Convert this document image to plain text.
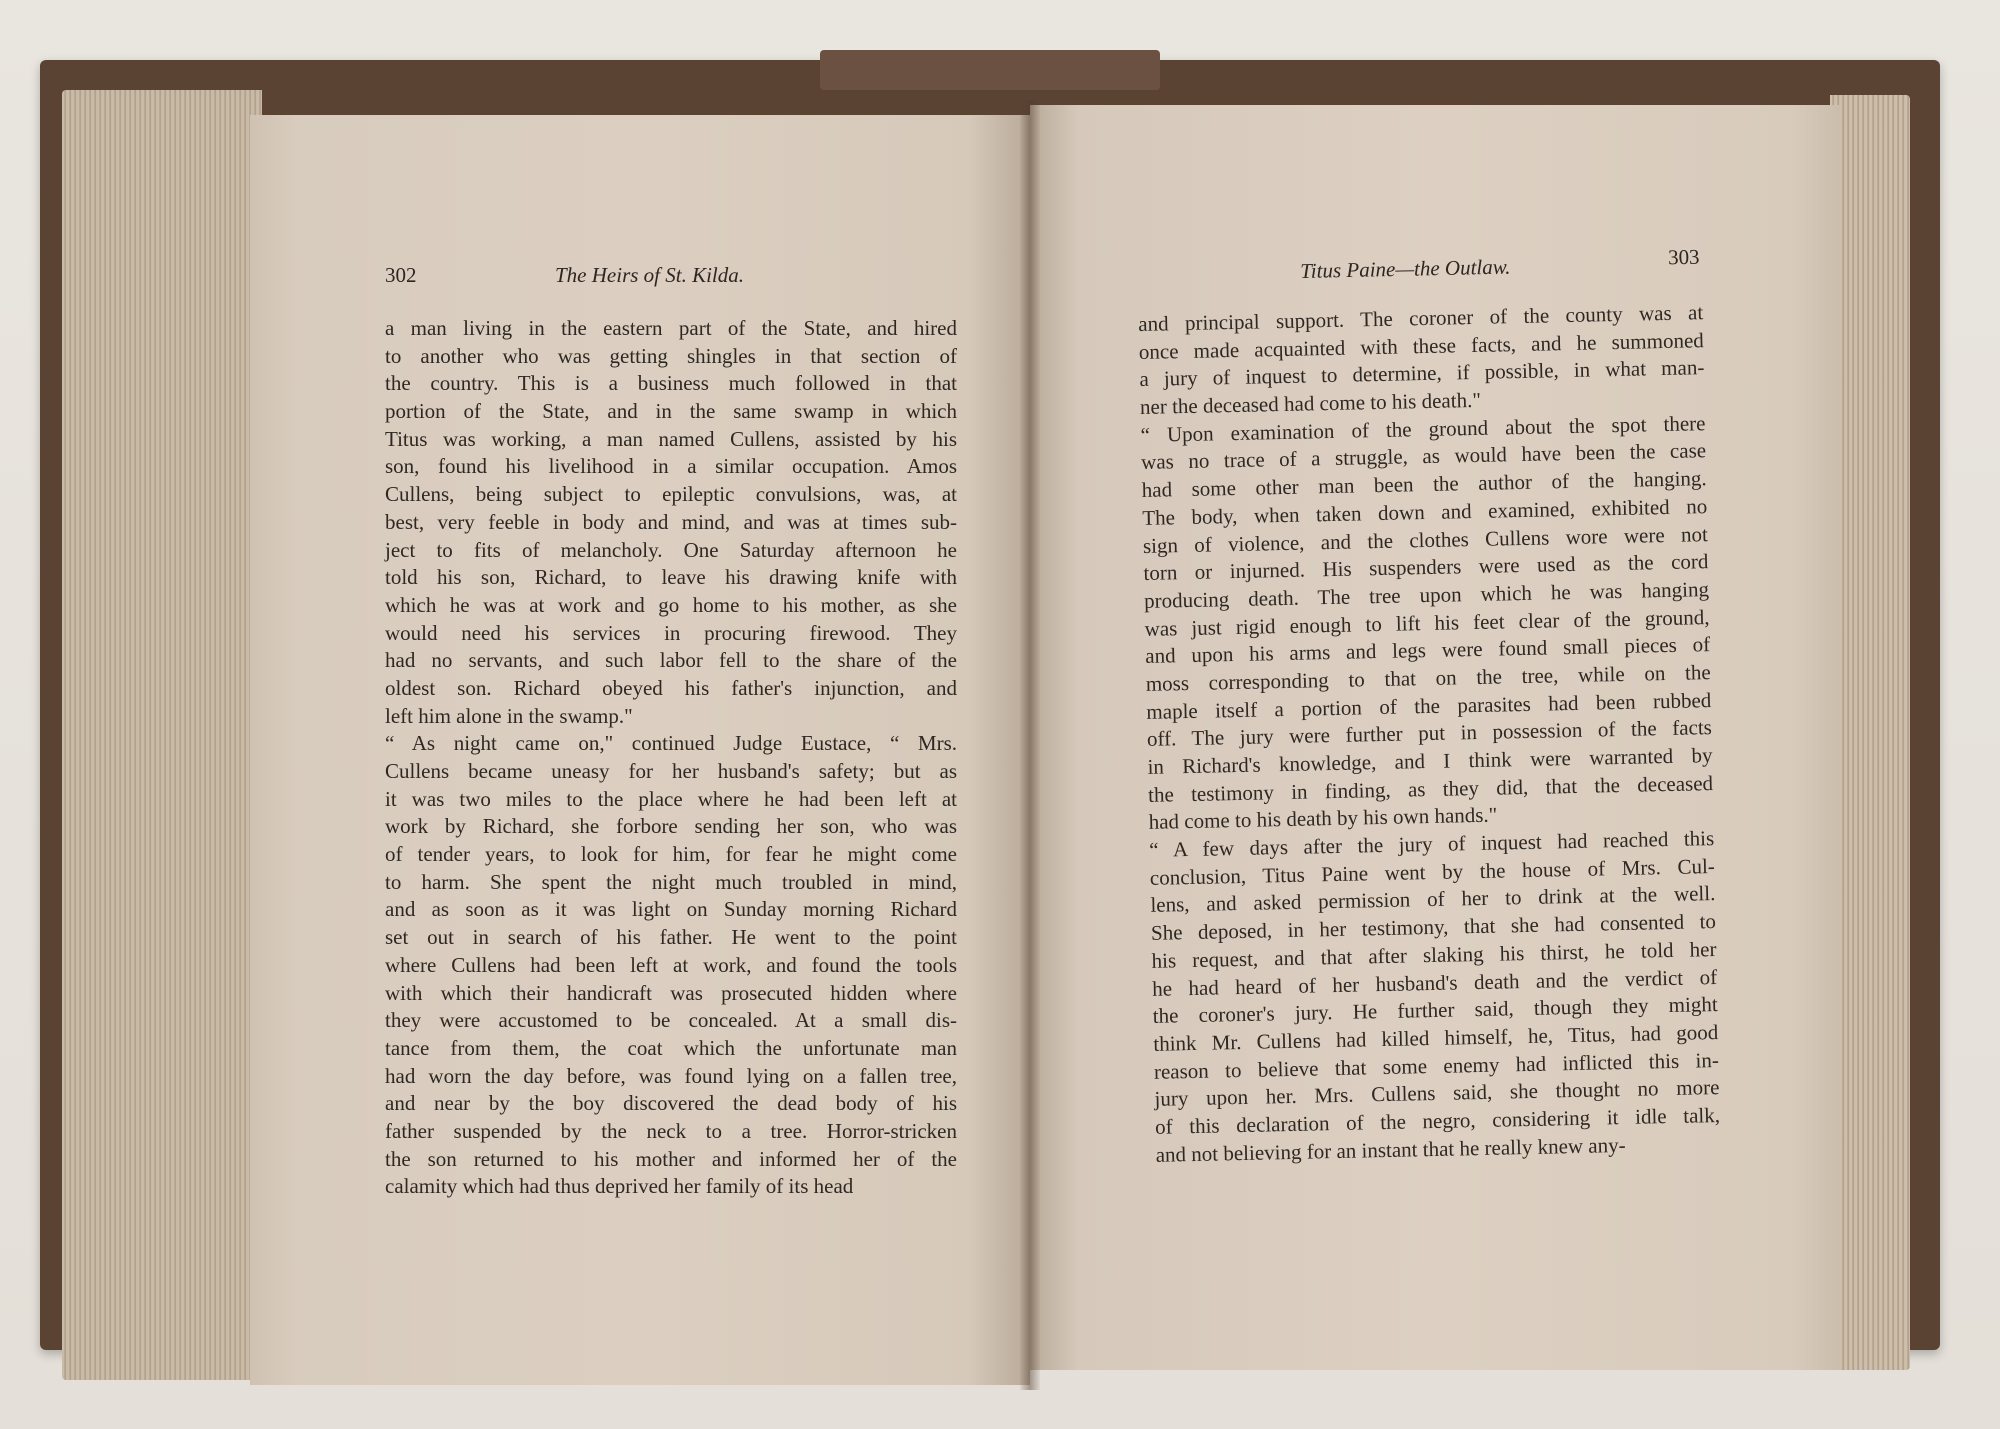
302	The Heirs of St. Kilda.	Titus Paine—the Outlaw.	303
a man living in the eastern part of the State, and hired
to another who was getting shingles in that section of
the country. This is a business much followed in that
portion of the State, and in the same swamp in which
Titus was working, a man named Cullens, assisted by his
son, found his livelihood in a similar occupation. Amos
Cullens, being subject to epileptic convulsions, was, at
best, very feeble in body and mind, and was at times sub-
ject to fits of melancholy. One Saturday afternoon he
told his son, Richard, to leave his drawing knife with
which he was at work and go home to his mother, as she
would need his services in procuring firewood. They
had no servants, and such labor fell to the share of the
oldest son. Richard obeyed his father's injunction, and
left him alone in the swamp."
“ As night came on," continued Judge Eustace, “ Mrs.
Cullens became uneasy for her husband's safety; but as
it was two miles to the place where he had been left at
work by Richard, she forbore sending her son, who was
of tender years, to look for him, for fear he might come
to harm. She spent the night much troubled in mind,
and as soon as it was light on Sunday morning Richard
set out in search of his father. He went to the point
where Cullens had been left at work, and found the tools
with which their handicraft was prosecuted hidden where
they were accustomed to be concealed. At a small dis-
tance from them, the coat which the unfortunate man
had worn the day before, was found lying on a fallen tree,
and near by the boy discovered the dead body of his
father suspended by the neck to a tree. Horror-stricken
the son returned to his mother and informed her of the
calamity which had thus deprived her family of its head
and principal support. The coroner of the county was at
once made acquainted with these facts, and he summoned
a jury of inquest to determine, if possible, in what man-
ner the deceased had come to his death."
“ Upon examination of the ground about the spot there
was no trace of a struggle, as would have been the case
had some other man been the author of the hanging.
The body, when taken down and examined, exhibited no
sign of violence, and the clothes Cullens wore were not
torn or injurned. His suspenders were used as the cord
producing death. The tree upon which he was hanging
was just rigid enough to lift his feet clear of the ground,
and upon his arms and legs were found small pieces of
moss corresponding to that on the tree, while on the
maple itself a portion of the parasites had been rubbed
off. The jury were further put in possession of the facts
in Richard's knowledge, and I think were warranted by
the testimony in finding, as they did, that the deceased
had come to his death by his own hands."
“ A few days after the jury of inquest had reached this
conclusion, Titus Paine went by the house of Mrs. Cul-
lens, and asked permission of her to drink at the well.
She deposed, in her testimony, that she had consented to
his request, and that after slaking his thirst, he told her
he had heard of her husband's death and the verdict of
the coroner's jury. He further said, though they might
think Mr. Cullens had killed himself, he, Titus, had good
reason to believe that some enemy had inflicted this in-
jury upon her. Mrs. Cullens said, she thought no more
of this declaration of the negro, considering it idle talk,
and not believing for an instant that he really knew any-
